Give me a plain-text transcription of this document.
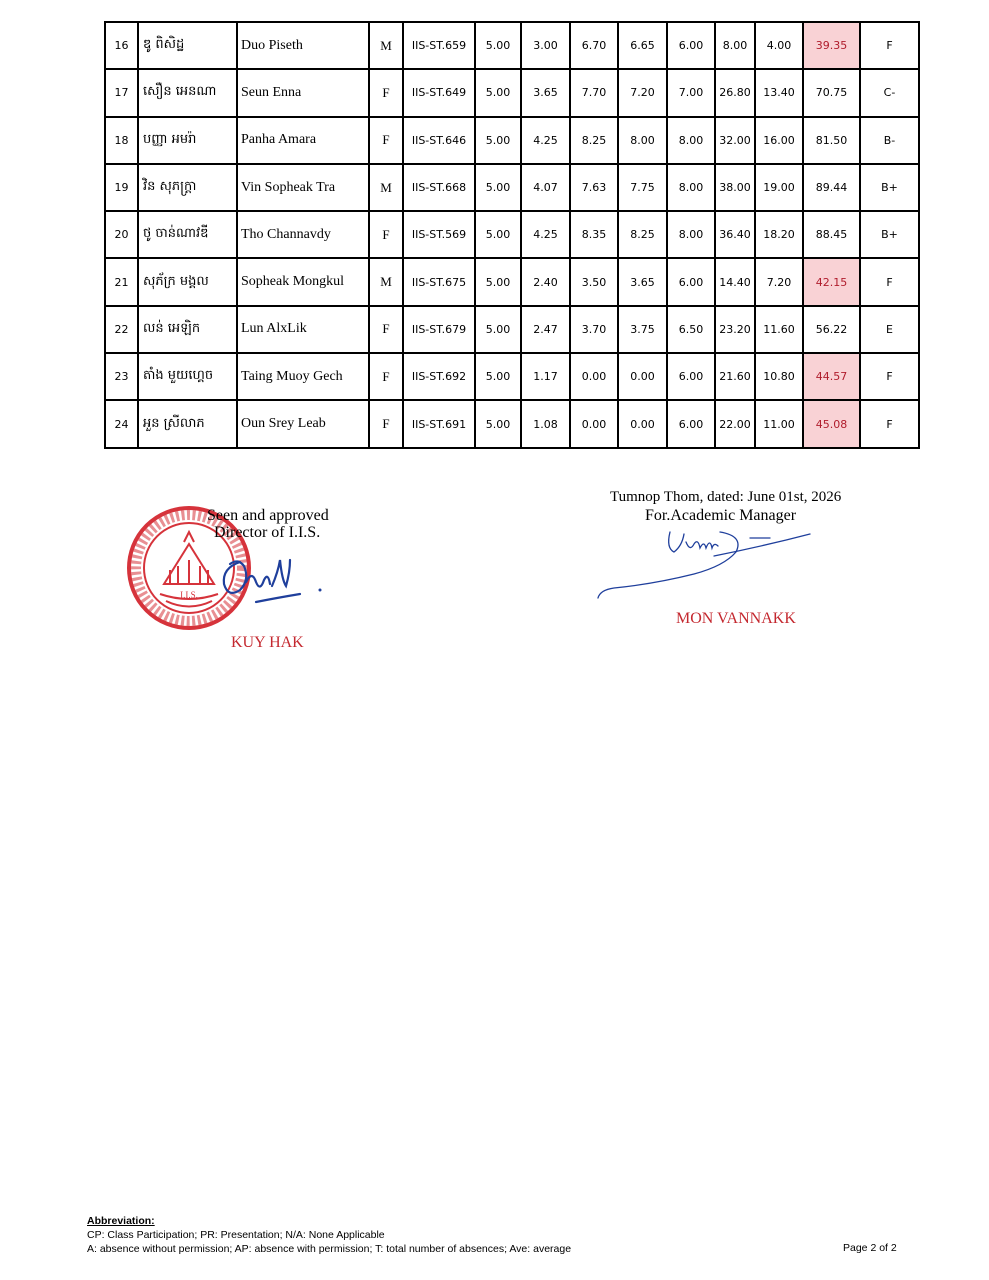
16	ឌូ ពិសិដ្ឋ	Duo Piseth	M	IIS-ST.659	5.00	3.00	6.70	6.65	6.00	8.00	4.00	39.35	F
17	សឿន អេនណា	Seun Enna	F	IIS-ST.649	5.00	3.65	7.70	7.20	7.00	26.80	13.40	70.75	C-
18	បញ្ញា អមរ៉ា	Panha Amara	F	IIS-ST.646	5.00	4.25	8.25	8.00	8.00	32.00	16.00	81.50	B-
19	វិន សុភក្ត្រា	Vin Sopheak Tra	M	IIS-ST.668	5.00	4.07	7.63	7.75	8.00	38.00	19.00	89.44	B+
20	ថូ ចាន់ណាវឌី	Tho Channavdy	F	IIS-ST.569	5.00	4.25	8.35	8.25	8.00	36.40	18.20	88.45	B+
21	សុភ័ក្រ មង្គល	Sopheak Mongkul	M	IIS-ST.675	5.00	2.40	3.50	3.65	6.00	14.40	7.20	42.15	F
22	លន់ អេឡិក	Lun AlxLik	F	IIS-ST.679	5.00	2.47	3.70	3.75	6.50	23.20	11.60	56.22	E
23	តាំង មួយហ្គេច	Taing Muoy Gech	F	IIS-ST.692	5.00	1.17	0.00	0.00	6.00	21.60	10.80	44.57	F
24	អួន ស្រីលាភ	Oun Srey Leab	F	IIS-ST.691	5.00	1.08	0.00	0.00	6.00	22.00	11.00	45.08	F
I.I.S.
Seen and approved
Director of I.I.S.
KUY HAK
Tumnop Thom, dated: June 01st, 2026
For.Academic Manager
MON VANNAKK
Abbreviation:
CP: Class Participation; PR: Presentation; N/A: None Applicable
A: absence without permission; AP: absence with permission; T: total number of absences; Ave: average	Page 2 of 2
